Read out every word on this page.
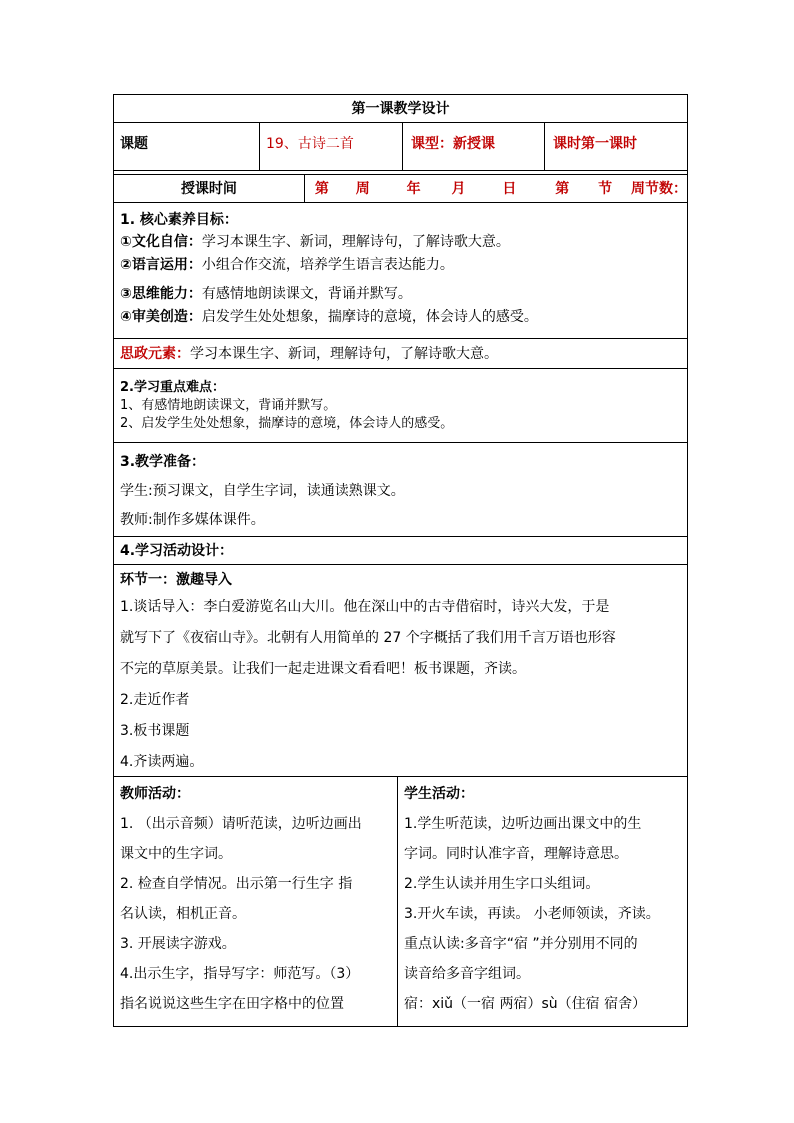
第一课教学设计
课题	19、古诗二首	课型：新授课	课时第一课时
授课时间	第 周	年 月	日	第 节 周节数：

1. 核心素养目标：

①文化自信：学习本课生字、新词，理解诗句，了解诗歌大意。

②语言运用：小组合作交流，培养学生语言表达能力。

③思维能力：有感情地朗读课文，背诵并默写。

④审美创造：启发学生处处想象，揣摩诗的意境，体会诗人的感受。

思政元素：学习本课生字、新词，理解诗句，了解诗歌大意。

2.学习重点难点：

1、有感情地朗读课文，背诵并默写。

2、启发学生处处想象，揣摩诗的意境，体会诗人的感受。

3.教学准备：

学生:预习课文，自学生字词，读通读熟课文。

教师:制作多媒体课件。

4.学习活动设计：

环节一：激趣导入

1.谈话导入：李白爱游览名山大川。他在深山中的古寺借宿时，诗兴大发，于是

就写下了《夜宿山寺》。北朝有人用简单的 27 个字概括了我们用千言万语也形容

不完的草原美景。让我们一起走进课文看看吧！板书课题，齐读。

2.走近作者

3.板书课题

4.齐读两遍。

教师活动：

1. （出示音频）请听范读，边听边画出

课文中的生字词。

2. 检查自学情况。出示第一行生字 指

名认读，相机正音。

3. 开展读字游戏。

4.出示生字，指导写字：师范写。（3）

指名说说这些生字在田字格中的位置

学生活动：

1.学生听范读，边听边画出课文中的生

字词。同时认准字音，理解诗意思。

2.学生认读并用生字口头组词。

3.开火车读，再读。 小老师领读，齐读。

重点认读:多音字“宿 ”并分别用不同的

读音给多音字组词。

宿：xiǔ（一宿 两宿）sù（住宿 宿舍）
